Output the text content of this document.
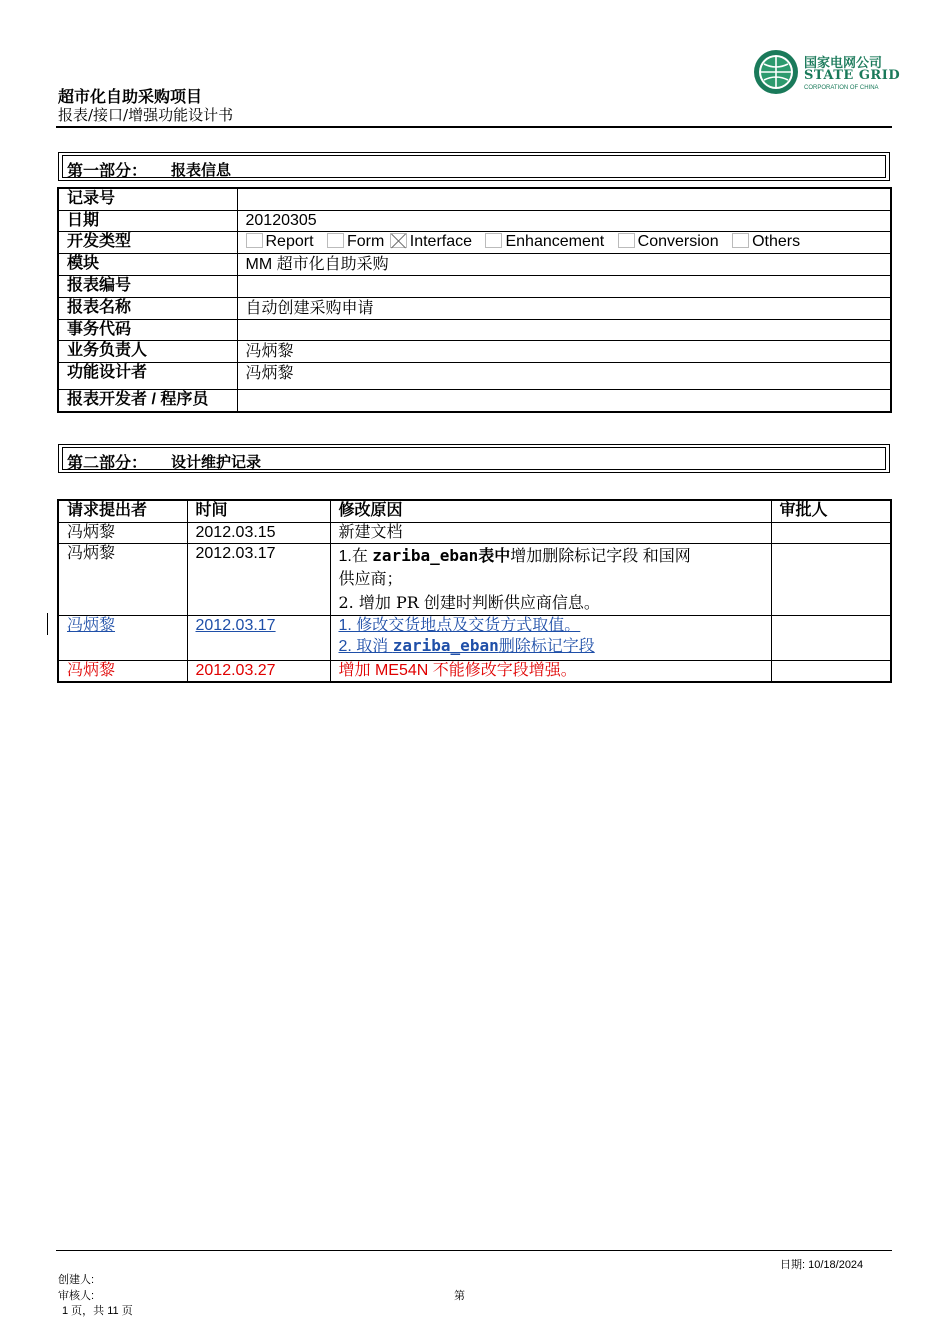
超市化自助采购项目
报表/接口/增强功能设计书
国家电网公司
STATE GRID
CORPORATION OF CHINA
第一部分： 报表信息
记录号	
日期	20120305
开发类型	Report Form Interface Enhancement Conversion Others
模块	MM 超市化自助采购
报表编号	
报表名称	自动创建采购申请
事务代码	
业务负责人	冯炳黎
功能设计者	冯炳黎
报表开发者 / 程序员	
第二部分： 设计维护记录
请求提出者	时间	修改原因	审批人
冯炳黎	2012.03.15	新建文档	
冯炳黎	2012.03.17	1.在 zariba_eban表中增加删除标记字段 和国网
供应商；
2. 增加 PR 创建时判断供应商信息。	
冯炳黎	2012.03.17	1. 修改交货地点及交货方式取值。
2. 取消 zariba_eban删除标记字段	
冯炳黎	2012.03.27	增加 ME54N 不能修改字段增强。	
日期: 10/18/2024
创建人:
审核人:	第
1 页，共 11 页
